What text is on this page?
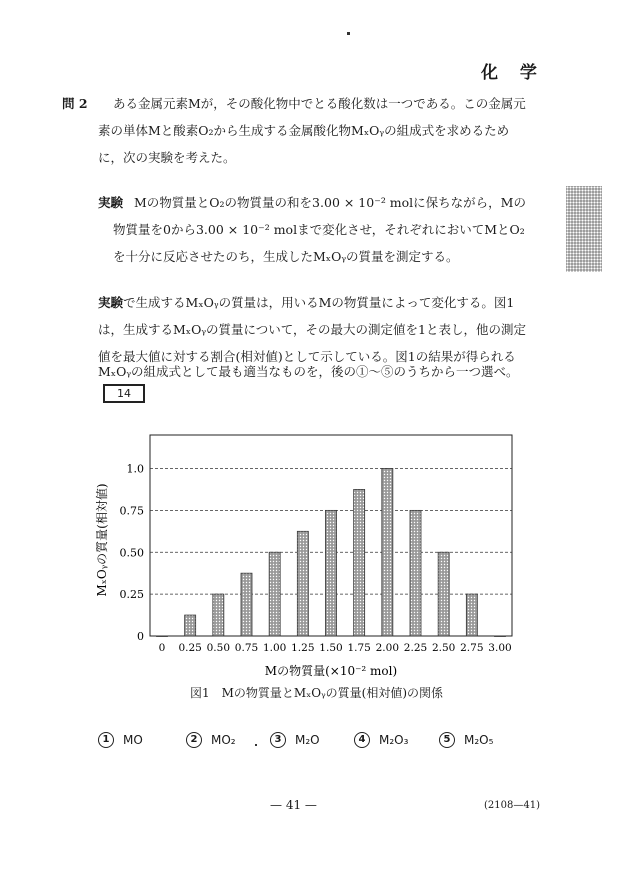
化 学
問 2 ある金属元素Mが，その酸化物中でとる酸化数は一つである。この金属元
素の単体Mと酸素O₂から生成する金属酸化物MₓOᵧの組成式を求めるため
に，次の実験を考えた。
実験 Mの物質量とO₂の物質量の和を3.00 × 10⁻² molに保ちながら，Mの
物質量を0から3.00 × 10⁻² molまで変化させ，それぞれにおいてMとO₂
を十分に反応させたのち，生成したMₓOᵧの質量を測定する。
実験で生成するMₓOᵧの質量は，用いるMの物質量によって変化する。図1
は，生成するMₓOᵧの質量について，その最大の測定値を1と表し，他の測定
値を最大値に対する割合(相対値)として示している。図1の結果が得られる
MₓOᵧの組成式として最も適当なものを，後の①～⑤のうちから一つ選べ。
14
0
0.25
0.50
0.75
1.0
0 0.25 0.50 0.75 1.00 1.25 1.50 1.75 2.00 2.25 2.50 2.75 3.00
Mの物質量(×10⁻² mol)
MₓOᵧの質量(相対値)
図1　Mの物質量とMₓOᵧの質量(相対値)の関係
1	MO	2	MO₂	3	M₂O	4	M₂O₃	5	M₂O₅
— 41 —	(2108—41)
